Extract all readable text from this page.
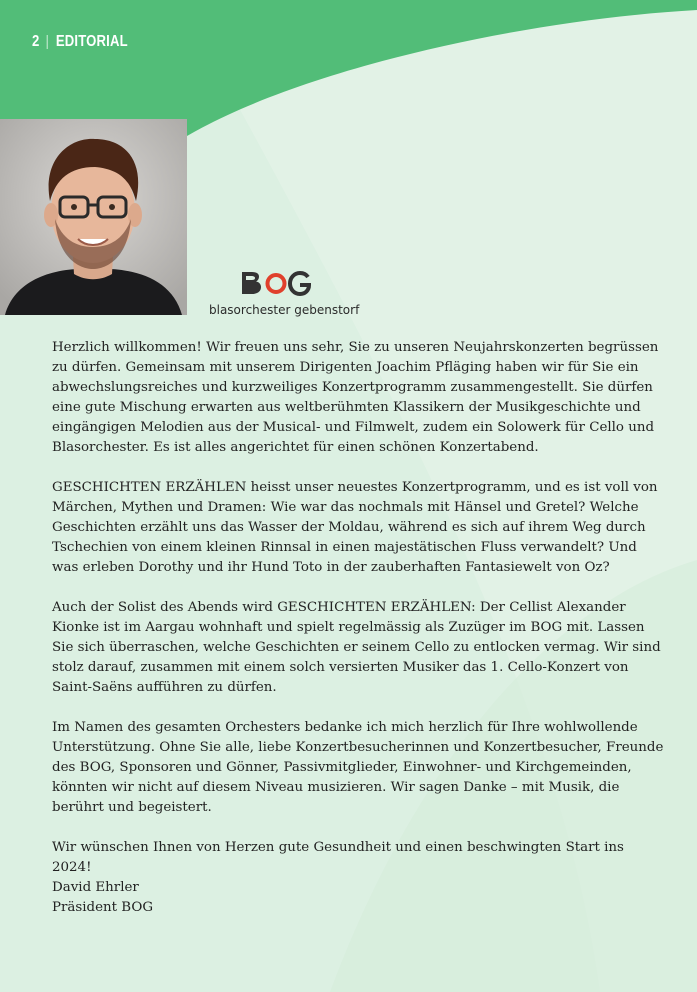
2 EDITORIAL
blasorchester gebenstorf

Herzlich willkommen! Wir freuen uns sehr, Sie zu unseren Neujahrskonzerten begrüssen zu dürfen. Gemeinsam mit unserem Dirigenten Joachim Pfläging haben wir für Sie ein abwechslungsreiches und kurzweiliges Konzertprogramm zusammengestellt. Sie dürfen eine gute Mischung erwarten aus weltberühmten Klassikern der Musikgeschichte und eingängigen Melodien aus der Musical- und Filmwelt, zudem ein Solowerk für Cello und Blasorchester. Es ist alles angerichtet für einen schönen Konzertabend.

GESCHICHTEN ERZÄHLEN heisst unser neuestes Konzertprogramm, und es ist voll von Märchen, Mythen und Dramen: Wie war das nochmals mit Hänsel und Gretel? Welche Geschichten erzählt uns das Wasser der Moldau, während es sich auf ihrem Weg durch Tschechien von einem kleinen Rinnsal in einen majestätischen Fluss verwandelt? Und was erleben Dorothy und ihr Hund Toto in der zauberhaften Fantasiewelt von Oz?

Auch der Solist des Abends wird GESCHICHTEN ERZÄHLEN: Der Cellist Alexander Kionke ist im Aargau wohnhaft und spielt regelmässig als Zuzüger im BOG mit. Lassen Sie sich überraschen, welche Geschichten er seinem Cello zu entlocken vermag. Wir sind stolz darauf, zusammen mit einem solch versierten Musiker das 1. Cello-Konzert von Saint-Saëns aufführen zu dürfen.

Im Namen des gesamten Orchesters bedanke ich mich herzlich für Ihre wohlwollende Unterstützung. Ohne Sie alle, liebe Konzertbesucherinnen und Konzertbesucher, Freunde des BOG, Sponsoren und Gönner, Passivmitglieder, Einwohner- und Kirchgemeinden, könnten wir nicht auf diesem Niveau musizieren. Wir sagen Danke – mit Musik, die berührt und begeistert.

Wir wünschen Ihnen von Herzen gute Gesundheit und einen beschwingten Start ins 2024!

David Ehrler
Präsident BOG
